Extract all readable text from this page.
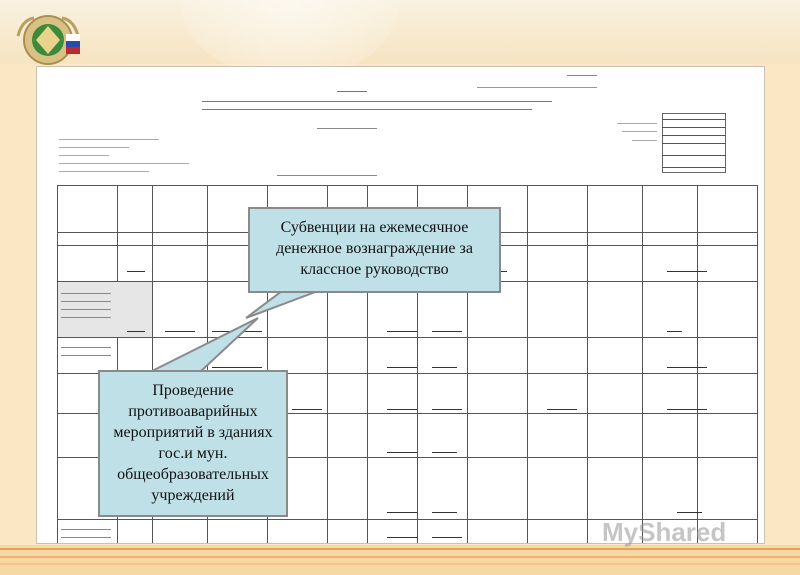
Субвенции на ежемесячное денежное вознаграждение за классное руководство
Проведение противоаварийных мероприятий в зданиях гос.и мун. общеобразовательных учреждений
MyShared
